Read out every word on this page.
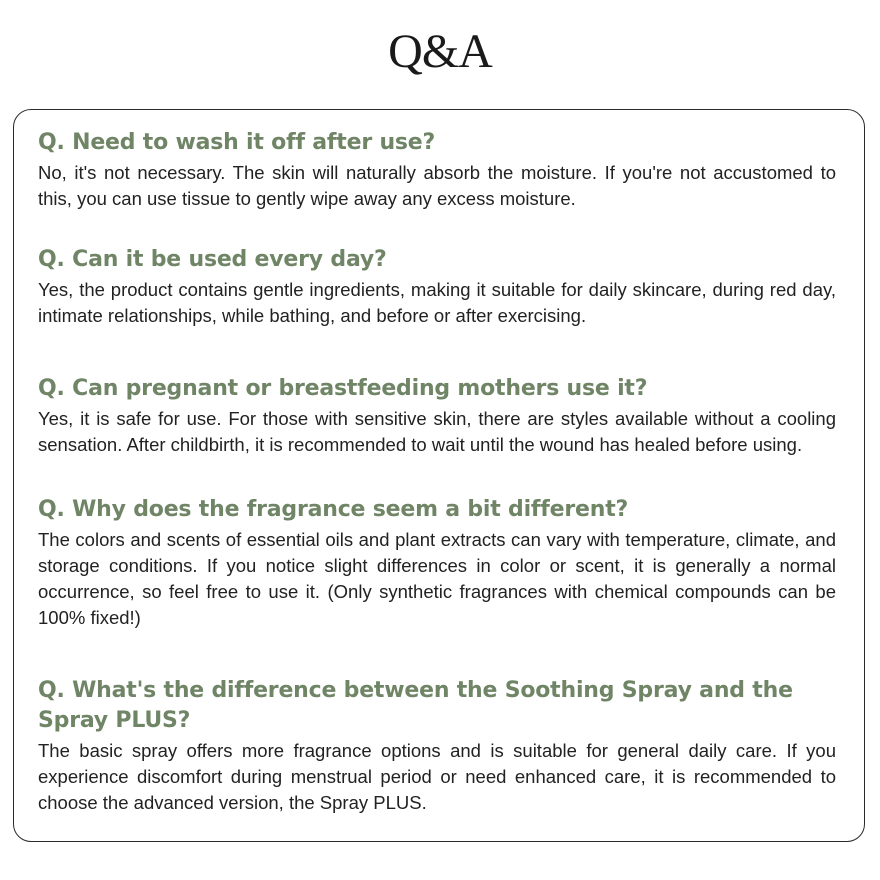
Q&A
Q. Need to wash it off after use?

No, it's not necessary. The skin will naturally absorb the moisture. If you're not accustomed to this, you can use tissue to gently wipe away any excess moisture.

Q. Can it be used every day?

Yes, the product contains gentle ingredients, making it suitable for daily skincare, during red day, intimate relationships, while bathing, and before or after exercising.

Q. Can pregnant or breastfeeding mothers use it?

Yes, it is safe for use. For those with sensitive skin, there are styles available without a cooling sensation. After childbirth, it is recommended to wait until the wound has healed before using.

Q. Why does the fragrance seem a bit different?

The colors and scents of essential oils and plant extracts can vary with temperature, climate, and storage conditions. If you notice slight differences in color or scent, it is generally a normal occurrence, so feel free to use it. (Only synthetic fragrances with chemical compounds can be 100% fixed!)

Q. What's the difference between the Soothing Spray and the Spray PLUS?

The basic spray offers more fragrance options and is suitable for general daily care. If you experience discomfort during menstrual period or need enhanced care, it is recommended to choose the advanced version, the Spray PLUS.
